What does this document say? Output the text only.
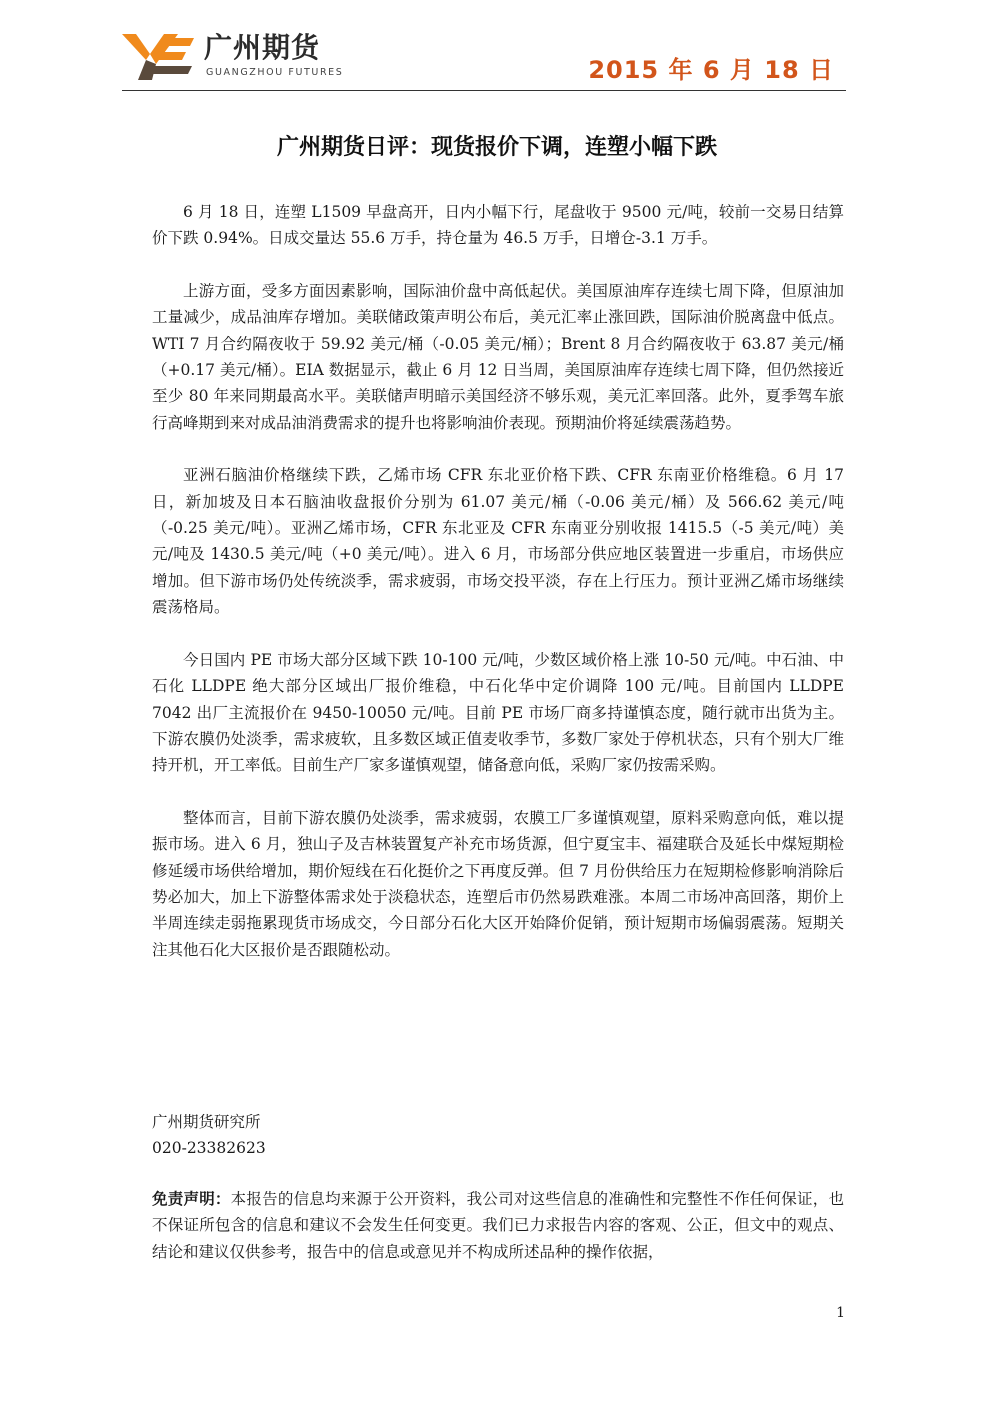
广州期货
GUANGZHOU FUTURES	2015 年 6 月 18 日
广州期货日评：现货报价下调，连塑小幅下跌

6 月 18 日，连塑 L1509 早盘高开，日内小幅下行，尾盘收于 9500 元/吨，较前一交易日结算价下跌 0.94%。日成交量达 55.6 万手，持仓量为 46.5 万手，日增仓-3.1 万手。

上游方面，受多方面因素影响，国际油价盘中高低起伏。美国原油库存连续七周下降，但原油加工量减少，成品油库存增加。美联储政策声明公布后，美元汇率止涨回跌，国际油价脱离盘中低点。WTI 7 月合约隔夜收于 59.92 美元/桶（-0.05 美元/桶）；Brent 8 月合约隔夜收于 63.87 美元/桶（+0.17 美元/桶）。EIA 数据显示，截止 6 月 12 日当周，美国原油库存连续七周下降，但仍然接近至少 80 年来同期最高水平。美联储声明暗示美国经济不够乐观，美元汇率回落。此外，夏季驾车旅行高峰期到来对成品油消费需求的提升也将影响油价表现。预期油价将延续震荡趋势。

亚洲石脑油价格继续下跌，乙烯市场 CFR 东北亚价格下跌、CFR 东南亚价格维稳。6 月 17 日，新加坡及日本石脑油收盘报价分别为 61.07 美元/桶（-0.06 美元/桶）及 566.62 美元/吨（-0.25 美元/吨）。亚洲乙烯市场，CFR 东北亚及 CFR 东南亚分别收报 1415.5（-5 美元/吨）美元/吨及 1430.5 美元/吨（+0 美元/吨）。进入 6 月，市场部分供应地区装置进一步重启，市场供应增加。但下游市场仍处传统淡季，需求疲弱，市场交投平淡，存在上行压力。预计亚洲乙烯市场继续震荡格局。

今日国内 PE 市场大部分区域下跌 10-100 元/吨，少数区域价格上涨 10-50 元/吨。中石油、中石化 LLDPE 绝大部分区域出厂报价维稳，中石化华中定价调降 100 元/吨。目前国内 LLDPE 7042 出厂主流报价在 9450-10050 元/吨。目前 PE 市场厂商多持谨慎态度，随行就市出货为主。下游农膜仍处淡季，需求疲软，且多数区域正值麦收季节，多数厂家处于停机状态，只有个别大厂维持开机，开工率低。目前生产厂家多谨慎观望，储备意向低，采购厂家仍按需采购。

整体而言，目前下游农膜仍处淡季，需求疲弱，农膜工厂多谨慎观望，原料采购意向低，难以提振市场。进入 6 月，独山子及吉林装置复产补充市场货源，但宁夏宝丰、福建联合及延长中煤短期检修延缓市场供给增加，期价短线在石化挺价之下再度反弹。但 7 月份供给压力在短期检修影响消除后势必加大，加上下游整体需求处于淡稳状态，连塑后市仍然易跌难涨。本周二市场冲高回落，期价上半周连续走弱拖累现货市场成交，今日部分石化大区开始降价促销，预计短期市场偏弱震荡。短期关注其他石化大区报价是否跟随松动。

广州期货研究所
020-23382623
免责声明：本报告的信息均来源于公开资料，我公司对这些信息的准确性和完整性不作任何保证，也不保证所包含的信息和建议不会发生任何变更。我们已力求报告内容的客观、公正，但文中的观点、结论和建议仅供参考，报告中的信息或意见并不构成所述品种的操作依据，
1
